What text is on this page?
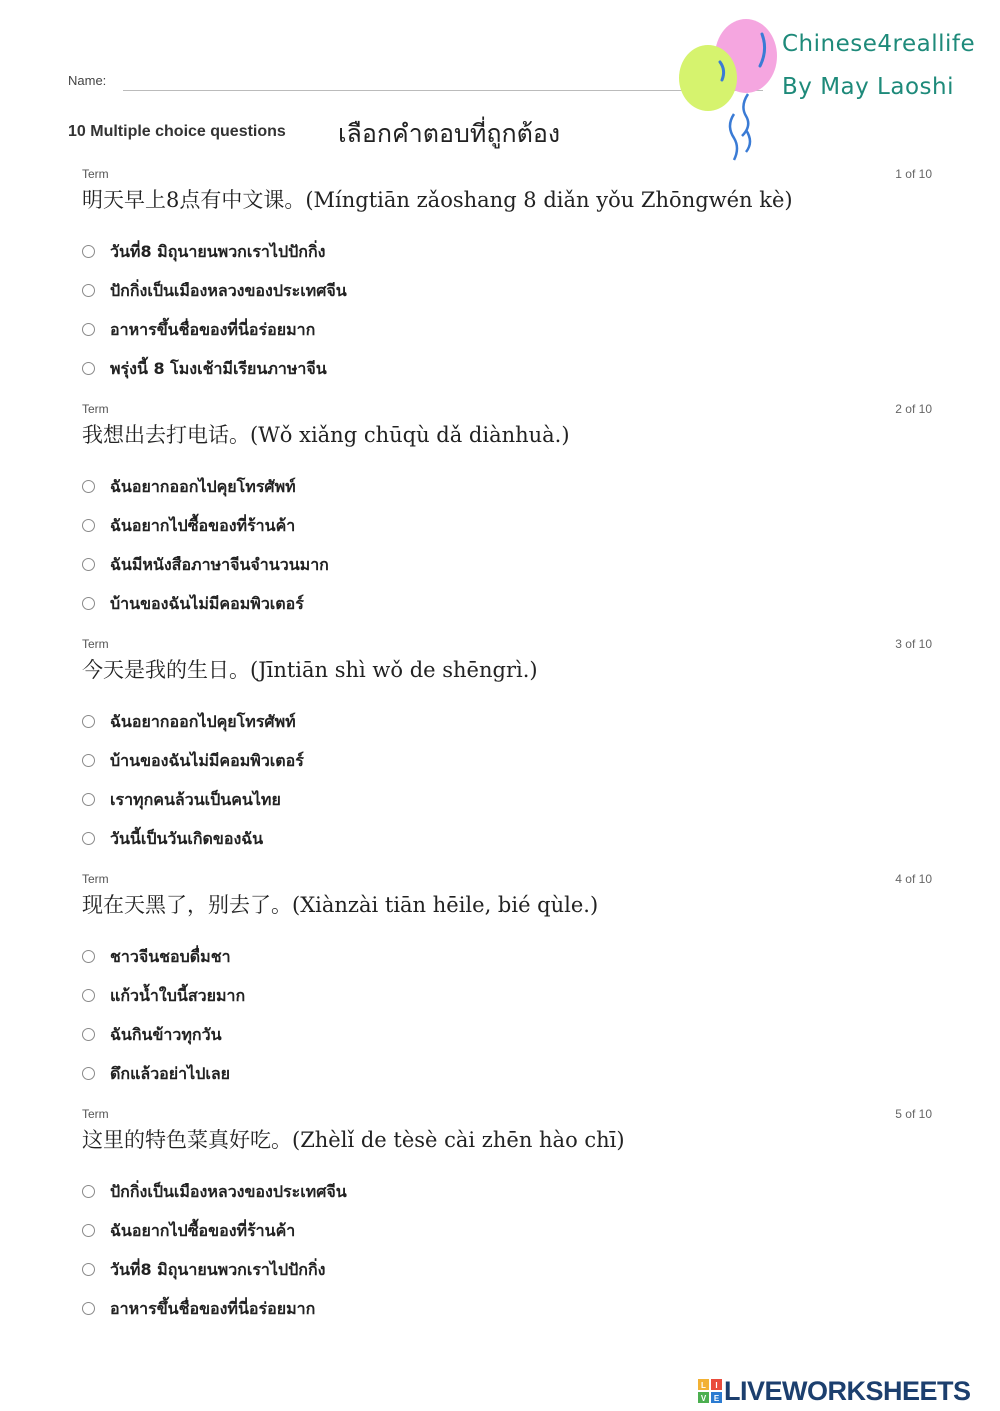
Name:
10 Multiple choice questions เลือกคำตอบที่ถูกต้อง
Chinese4reallife
By May Laoshi
Term	1 of 10
明天早上8点有中文课。(Míngtiān zǎoshang 8 diǎn yǒu Zhōngwén kè)
วันที่8 มิถุนายนพวกเราไปปักกิ่ง
ปักกิ่งเป็นเมืองหลวงของประเทศจีน
อาหารขึ้นชื่อของที่นี่อร่อยมาก
พรุ่งนี้ 8 โมงเช้ามีเรียนภาษาจีน
Term	2 of 10
我想出去打电话。(Wǒ xiǎng chūqù dǎ diànhuà.)
ฉันอยากออกไปคุยโทรศัพท์
ฉันอยากไปซื้อของที่ร้านค้า
ฉันมีหนังสือภาษาจีนจำนวนมาก
บ้านของฉันไม่มีคอมพิวเตอร์
Term	3 of 10
今天是我的生日。(Jīntiān shì wǒ de shēngrì.)
ฉันอยากออกไปคุยโทรศัพท์
บ้านของฉันไม่มีคอมพิวเตอร์
เราทุกคนล้วนเป็นคนไทย
วันนี้เป็นวันเกิดของฉัน
Term	4 of 10
现在天黑了，别去了。(Xiànzài tiān hēile, bié qùle.)
ชาวจีนชอบดื่มชา
แก้วน้ำใบนี้สวยมาก
ฉันกินข้าวทุกวัน
ดึกแล้วอย่าไปเลย
Term	5 of 10
这里的特色菜真好吃。(Zhèlǐ de tèsè cài zhēn hào chī)
ปักกิ่งเป็นเมืองหลวงของประเทศจีน
ฉันอยากไปซื้อของที่ร้านค้า
วันที่8 มิถุนายนพวกเราไปปักกิ่ง
อาหารขึ้นชื่อของที่นี่อร่อยมาก
L I
V E LIVEWORKSHEETS
